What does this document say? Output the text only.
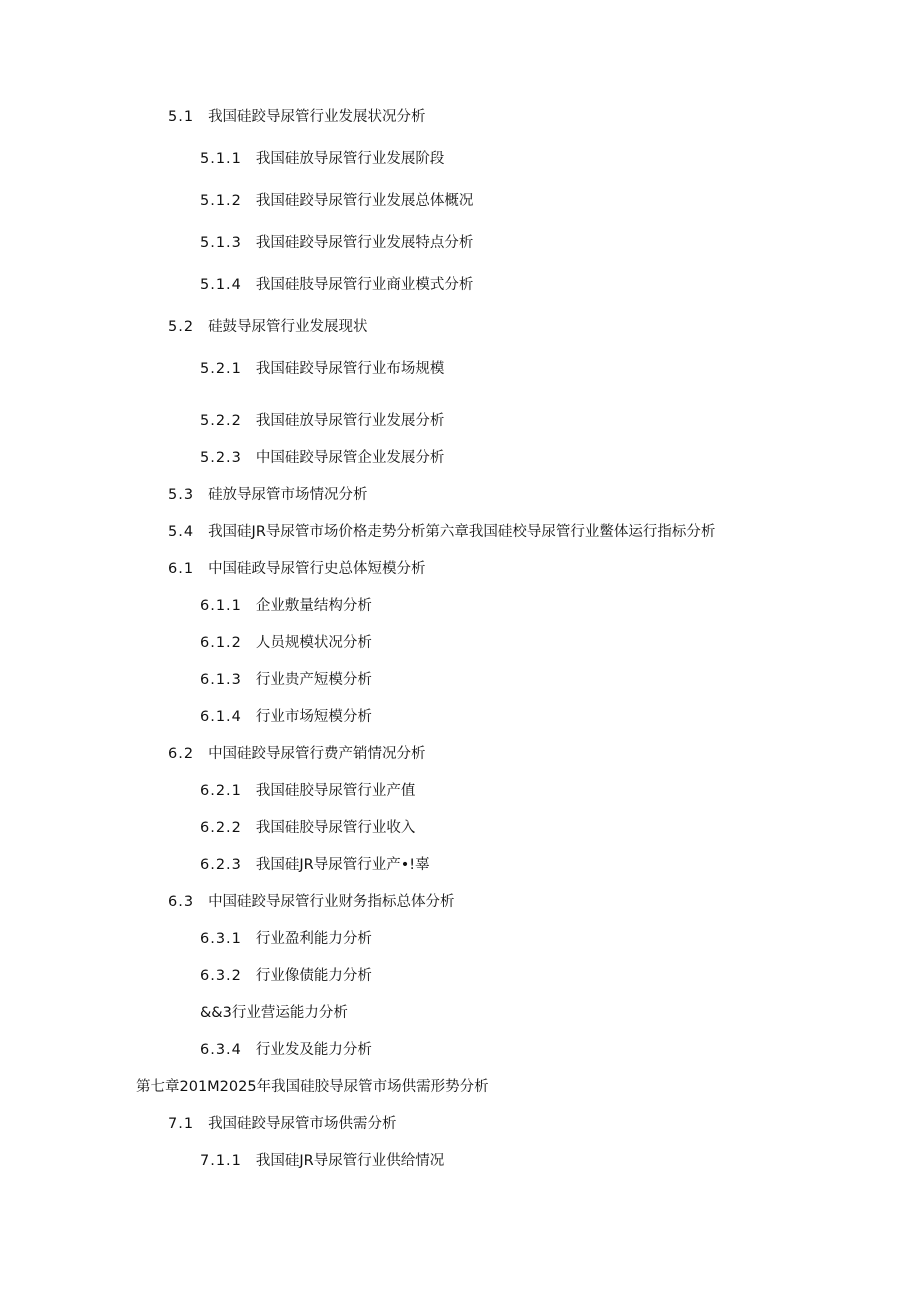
5.1 我国硅跤导尿管行业发展状况分析
5.1.1 我国硅放导尿管行业发展阶段
5.1.2 我国硅跤导尿管行业发展总体概况
5.1.3 我国硅跤导尿管行业发展特点分析
5.1.4 我国硅肢导尿管行业商业模式分析
5.2 硅鼓导尿管行业发展现状
5.2.1 我国硅跤导尿管行业布场规模
5.2.2 我国硅放导尿管行业发展分析
5.2.3 中国硅跤导尿管企业发展分析
5.3 硅放导尿管市场情况分析
5.4 我国硅JR导尿管市场价格走势分析第六章我国硅校导尿管行业鳖体运行指标分析
6.1 中国硅政导尿管行史总体短模分析
6.1.1 企业敷量结构分析
6.1.2 人员规模状况分析
6.1.3 行业贵产短模分析
6.1.4 行业市场短模分析
6.2 中国硅跤导尿管行费产销情况分析
6.2.1 我国硅胶导尿管行业产值
6.2.2 我国硅胶导尿管行业收入
6.2.3 我国硅JR导尿管行业产•!辜
6.3 中国硅跤导尿管行业财务指标总体分析
6.3.1 行业盈利能力分析
6.3.2 行业像债能力分析
&&3行业营运能力分析
6.3.4 行业发及能力分析
第七章201M2025年我国硅胶导尿管市场供需形势分析
7.1 我国硅跤导尿管市场供需分析
7.1.1 我国硅JR导尿管行业供给情况
